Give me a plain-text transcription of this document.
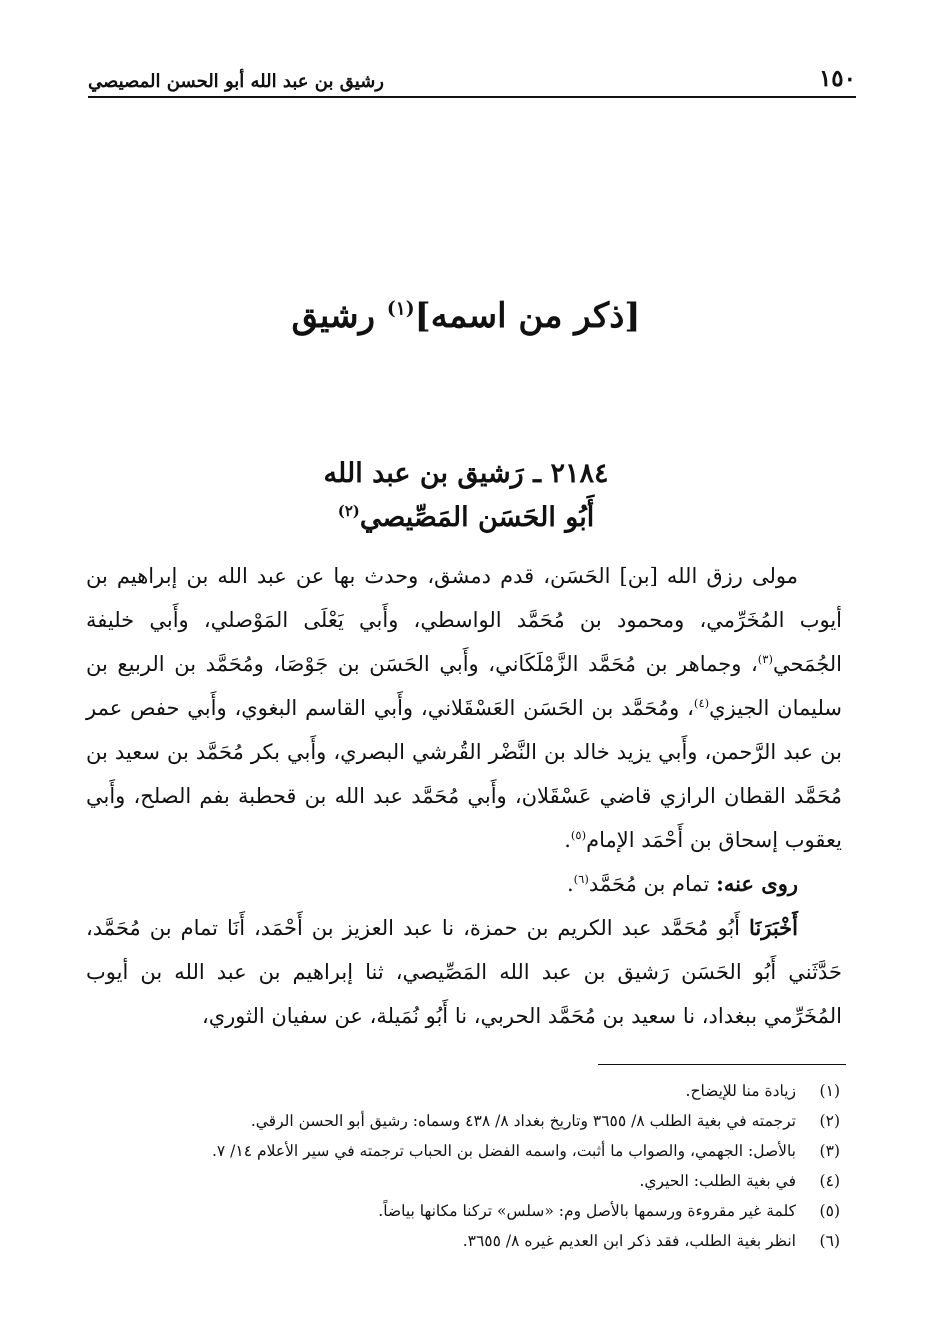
١٥٠
رشيق بن عبد الله أبو الحسن المصيصي
[ذكر من اسمه]$^{(١)}$ رشيق
٢١٨٤ ـ رَشيق بن عبد الله
أَبُو الحَسَن المَصِّيصي$^{(٢)}$

مولى رزق الله [بن] الحَسَن، قدم دمشق، وحدث بها عن عبد الله بن إبراهيم بن أيوب المُخَرِّمي، ومحمود بن مُحَمَّد الواسطي، وأَبي يَعْلَى المَوْصلي، وأَبي خليفة الجُمَحي$^{(٣)}$، وجماهر بن مُحَمَّد الزَّمْلَكَاني، وأَبي الحَسَن بن جَوْصَا، ومُحَمَّد بن الربيع بن سليمان الجيزي$^{(٤)}$، ومُحَمَّد بن الحَسَن العَسْقَلاني، وأَبي القاسم البغوي، وأَبي حفص عمر بن عبد الرَّحمن، وأَبي يزيد خالد بن النَّضْر القُرشي البصري، وأَبي بكر مُحَمَّد بن سعيد بن مُحَمَّد القطان الرازي قاضي عَسْقَلان، وأَبي مُحَمَّد عبد الله بن قحطبة بفم الصلح، وأَبي يعقوب إسحاق بن أَحْمَد الإمام$^{(٥)}$.

روى عنه: تمام بن مُحَمَّد$^{(٦)}$.

أَخْبَرَنَا أَبُو مُحَمَّد عبد الكريم بن حمزة، نا عبد العزيز بن أَحْمَد، أَنَا تمام بن مُحَمَّد، حَدَّثَني أَبُو الحَسَن رَشيق بن عبد الله المَصِّيصي، ثنا إبراهيم بن عبد الله بن أيوب المُخَرِّمي ببغداد، نا سعيد بن مُحَمَّد الحربي، نا أَبُو نُمَيلة، عن سفيان الثوري،

(١)
زيادة منا للإيضاح.
(٢)
ترجمته في بغية الطلب ٨/ ٣٦٥٥ وتاريخ بغداد ٨/ ٤٣٨ وسماه: رشيق أبو الحسن الرقي.
(٣)
بالأصل: الجهمي، والصواب ما أثبت، واسمه الفضل بن الحباب ترجمته في سير الأعلام ١٤/ ٧.
(٤)
في بغية الطلب: الحيري.
(٥)
كلمة غير مقروءة ورسمها بالأصل وم: «سلس» تركنا مكانها بياضاً.
(٦)
انظر بغية الطلب، فقد ذكر ابن العديم غيره ٨/ ٣٦٥٥.
